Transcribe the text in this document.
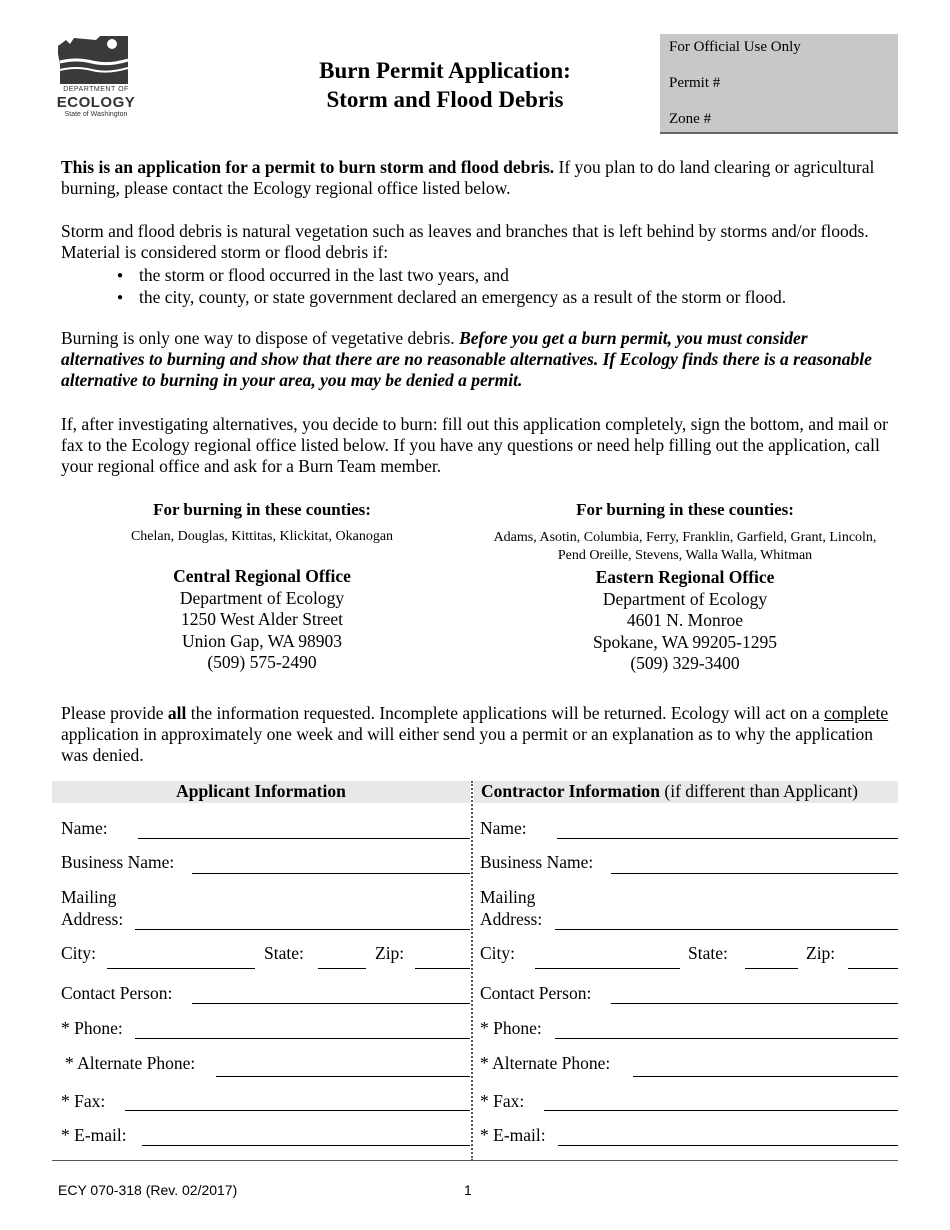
DEPARTMENT OF
ECOLOGY
State of Washington
Burn Permit Application:
Storm and Flood Debris
For Official Use Only
Permit #
Zone #
This is an application for a permit to burn storm and flood debris. If you plan to do land clearing or agricultural burning, please contact the Ecology regional office listed below.
Storm and flood debris is natural vegetation such as leaves and branches that is left behind by storms and/or floods. Material is considered storm or flood debris if:
● the storm or flood occurred in the last two years, and
● the city, county, or state government declared an emergency as a result of the storm or flood.
Burning is only one way to dispose of vegetative debris. Before you get a burn permit, you must consider alternatives to burning and show that there are no reasonable alternatives. If Ecology finds there is a reasonable alternative to burning in your area, you may be denied a permit.
If, after investigating alternatives, you decide to burn: fill out this application completely, sign the bottom, and mail or fax to the Ecology regional office listed below. If you have any questions or need help filling out the application, call your regional office and ask for a Burn Team member.
For burning in these counties:
Chelan, Douglas, Kittitas, Klickitat, Okanogan
Central Regional Office
Department of Ecology
1250 West Alder Street
Union Gap, WA 98903
(509) 575-2490
For burning in these counties:
Adams, Asotin, Columbia, Ferry, Franklin, Garfield, Grant, Lincoln, Pend Oreille, Stevens, Walla Walla, Whitman
Eastern Regional Office
Department of Ecology
4601 N. Monroe
Spokane, WA 99205-1295
(509) 329-3400
Please provide all the information requested. Incomplete applications will be returned. Ecology will act on a complete application in approximately one week and will either send you a permit or an explanation as to why the application was denied.
Applicant Information	Contractor Information (if different than Applicant)
Name:
Business Name:
Mailing
Address:
City:	State:	Zip:
Contact Person:
* Phone:
* Alternate Phone:
* Fax:
* E-mail:
Name:
Business Name:
Mailing
Address:
City:	State:	Zip:
Contact Person:
* Phone:
* Alternate Phone:
* Fax:
* E-mail:
ECY 070-318 (Rev. 02/2017)	1
